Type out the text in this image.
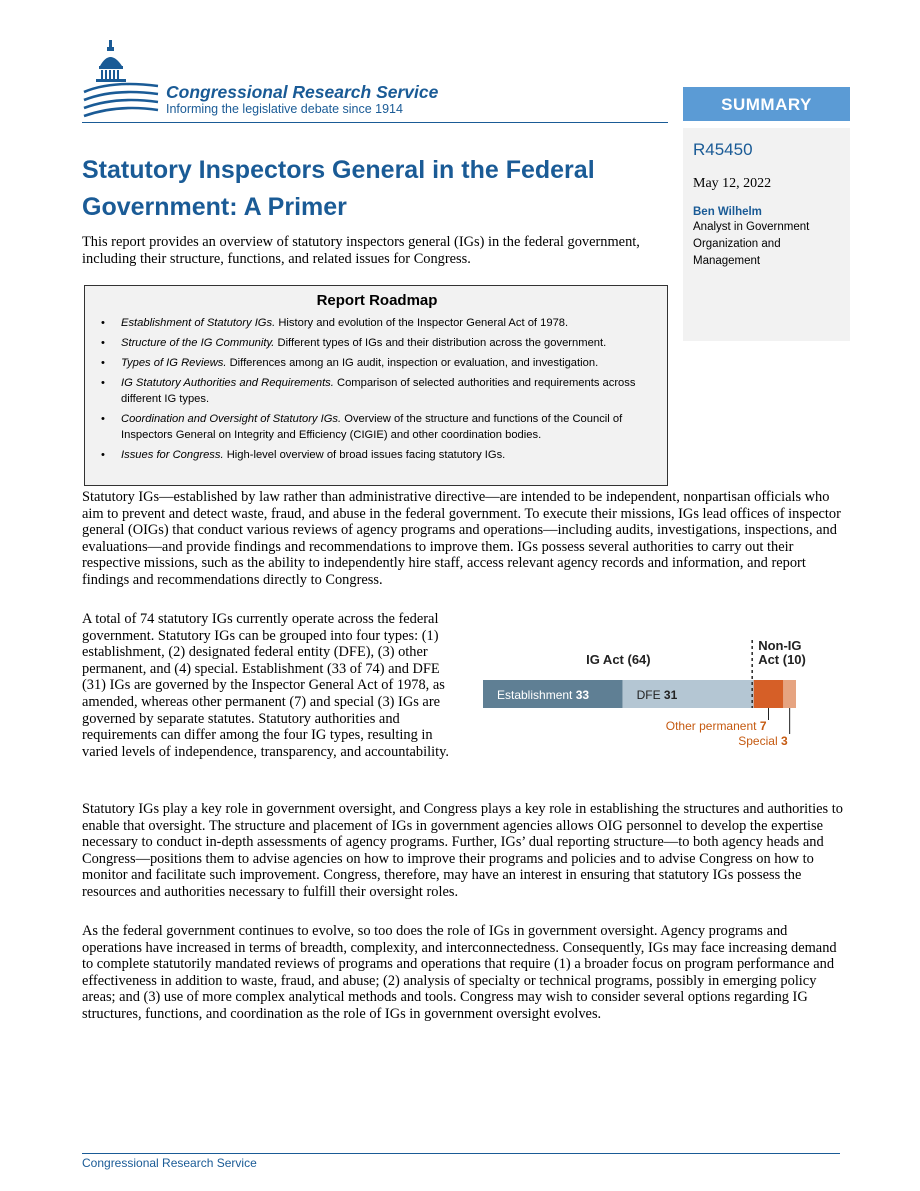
Congressional Research Service
Informing the legislative debate since 1914	SUMMARY
R45450
May 12, 2022
Ben Wilhelm
Analyst in Government Organization and Management
Statutory Inspectors General in the Federal Government: A Primer

This report provides an overview of statutory inspectors general (IGs) in the federal government, including their structure, functions, and related issues for Congress.

Report Roadmap
• Establishment of Statutory IGs. History and evolution of the Inspector General Act of 1978.
• Structure of the IG Community. Different types of IGs and their distribution across the government.
• Types of IG Reviews. Differences among an IG audit, inspection or evaluation, and investigation.
• IG Statutory Authorities and Requirements. Comparison of selected authorities and requirements across different IG types.
• Coordination and Oversight of Statutory IGs. Overview of the structure and functions of the Council of Inspectors General on Integrity and Efficiency (CIGIE) and other coordination bodies.
• Issues for Congress. High-level overview of broad issues facing statutory IGs.

Statutory IGs—established by law rather than administrative directive—are intended to be independent, nonpartisan officials who aim to prevent and detect waste, fraud, and abuse in the federal government. To execute their missions, IGs lead offices of inspector general (OIGs) that conduct various reviews of agency programs and operations—including audits, investigations, inspections, and evaluations—and provide findings and recommendations to improve them. IGs possess several authorities to carry out their respective missions, such as the ability to independently hire staff, access relevant agency records and information, and report findings and recommendations directly to Congress.

A total of 74 statutory IGs currently operate across the federal government. Statutory IGs can be grouped into four types: (1) establishment, (2) designated federal entity (DFE), (3) other permanent, and (4) special. Establishment (33 of 74) and DFE (31) IGs are governed by the Inspector General Act of 1978, as amended, whereas other permanent (7) and special (3) IGs are governed by separate statutes. Statutory authorities and requirements can differ among the four IG types, resulting in varied levels of independence, transparency, and accountability.

Statutory IGs play a key role in government oversight, and Congress plays a key role in establishing the structures and authorities to enable that oversight. The structure and placement of IGs in government agencies allows OIG personnel to develop the expertise necessary to conduct in-depth assessments of agency programs. Further, IGs’ dual reporting structure—to both agency heads and Congress—positions them to advise agencies on how to improve their programs and policies and to advise Congress on how to monitor and facilitate such improvement. Congress, therefore, may have an interest in ensuring that statutory IGs possess the resources and authorities necessary to fulfill their oversight roles.

As the federal government continues to evolve, so too does the role of IGs in government oversight. Agency programs and operations have increased in terms of breadth, complexity, and interconnectedness. Consequently, IGs may face increasing demand to complete statutorily mandated reviews of programs and operations that require (1) a broader focus on program performance and effectiveness in addition to waste, fraud, and abuse; (2) analysis of specialty or technical programs, possibly in emerging policy areas; and (3) use of more complex analytical methods and tools. Congress may wish to consider several options regarding IG structures, functions, and coordination as the role of IGs in government oversight evolves.

Establishment 33	DFE 31
IG Act (64)
Non-IG
Act (10)
Other permanent 7
Special 3
Congressional Research Service
